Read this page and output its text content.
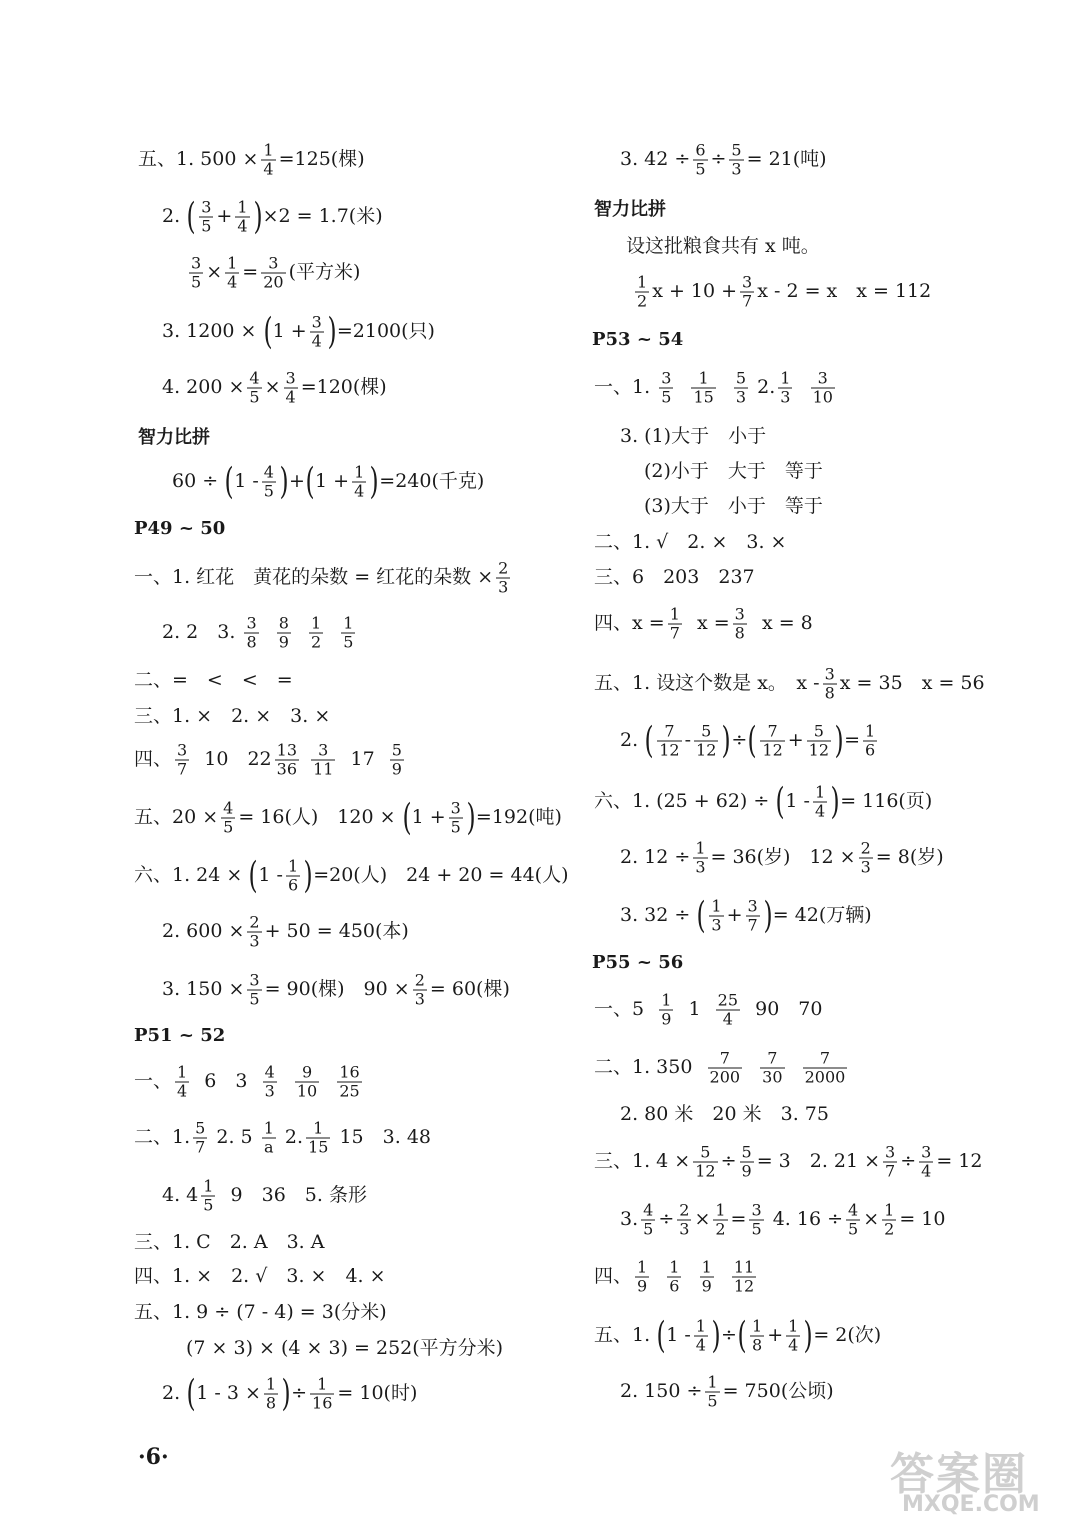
五、1. $500 \times \frac{1}{4} =125$(棵)
2. ( $\frac{3}{5} + \frac{1}{4} )\times 2 = 1.7$(米)
$\frac{3}{5} \times \frac{1}{4} = \frac{3}{20}$ (平方米)
3. $1200 \times (1 + \frac{3}{4} )=2100$(只)
4. $200 \times \frac{4}{5} \times \frac{3}{4} =120$(棵)
智力比拼
$60 \div (1 - \frac{4}{5} )+(1 + \frac{1}{4} )=240$(千克)
P49 ~ 50
一、1. 红花　黄花的朵数 = 红花的朵数 × $\frac{2}{3}$
2. 2　3. $\frac{3}{8}$
$\frac{8}{9}$
$\frac{1}{2}$
$\frac{1}{5}$
二、=　<　<　=
三、1. ×　2. ×　3. ×
四、 $\frac{3}{7} 10$　$22 \frac{13}{36}$
$\frac{3}{11} 17 \frac{5}{9}$
五、$20 \times \frac{4}{5} = 16$(人)　$120 \times (1 + \frac{3}{5} )=192$(吨)
六、1. $24 \times (1 - \frac{1}{6} )=20$(人)　24 + 20 = 44(人)
2. $600 \times \frac{2}{3} + 50 = 450$(本)
3. $150 \times \frac{3}{5} = 90$(棵)　$90 \times \frac{2}{3} = 60$(棵)
P51 ~ 52
一、 $\frac{1}{4} 6$　$3 \frac{4}{3}$
$\frac{9}{10}$
$\frac{16}{25}$
二、1. $\frac{5}{7} 2$. $5 \frac{1}{a} 2$. $\frac{1}{15} 15$　3. 48
4. $4 \frac{1}{5} 9$　36　5. 条形
三、1. C　2. A　3. A
四、1. ×　2. √　3. ×　4. ×
五、1. 9 ÷ (7 - 4) = 3(分米)
(7 × 3) × (4 × 3) = 252(平方分米)
2. ($1 - 3 \times \frac{1}{8}$ )÷ $\frac{1}{16} = 10$(时)
3. $42 \div \frac{6}{5} \div \frac{5}{3} = 21$(吨)
智力比拼
设这批粮食共有 x 吨。
$\frac{1}{2}$ $x + 10 + \frac{3}{7}$ x - 2 = x　x = 112
P53 ~ 54
一、1. $\frac{3}{5}$
$\frac{1}{15}$
$\frac{5}{3} 2$. $\frac{1}{3}$
$\frac{3}{10}$
3. (1)大于　小于
(2)小于　大于　等于
(3)大于　小于　等于
二、1. √　2. ×　3. ×
三、6　203　237
四、$x = \frac{1}{7}$ $x = \frac{3}{8}$ x = 8
五、1. 设这个数是 x。　x - $\frac{3}{8}$ x = 35　x = 56
2. ( $\frac{7}{12} - \frac{5}{12}$ )÷( $\frac{7}{12} + \frac{5}{12}$ )= $\frac{1}{6}$
六、1. $(25 + 62) \div (1 - \frac{1}{4}$ )= 116(页)
2. $12 \div \frac{1}{3} = 36$(岁)　$12 \times \frac{2}{3} = 8$(岁)
3. 32 ÷ ( $\frac{1}{3} + \frac{3}{7}$ )= 42(万辆)
P55 ~ 56
一、$5 \frac{1}{9} 1 \frac{25}{4} 90$　70
二、1. $350 \frac{7}{200}$
$\frac{7}{30}$
$\frac{7}{2000}$
2. 80 米　20 米　3. 75
三、1. $4 \times \frac{5}{12} \div \frac{5}{9} = 3$　2. $21 \times \frac{3}{7} \div \frac{3}{4} = 12$
3. $\frac{4}{5} \div \frac{2}{3} \times \frac{1}{2} = \frac{3}{5} 4$. $16 \div \frac{4}{5} \times \frac{1}{2} = 10$
四、 $\frac{1}{9}$
$\frac{1}{6}$
$\frac{1}{9}$
$\frac{11}{12}$
五、1. ($1 - \frac{1}{4}$ )÷( $\frac{1}{8} + \frac{1}{4}$ )= 2(次)
2. $150 \div \frac{1}{5} = 750$(公顷)
·6·	答案圈
MXQE.COM
